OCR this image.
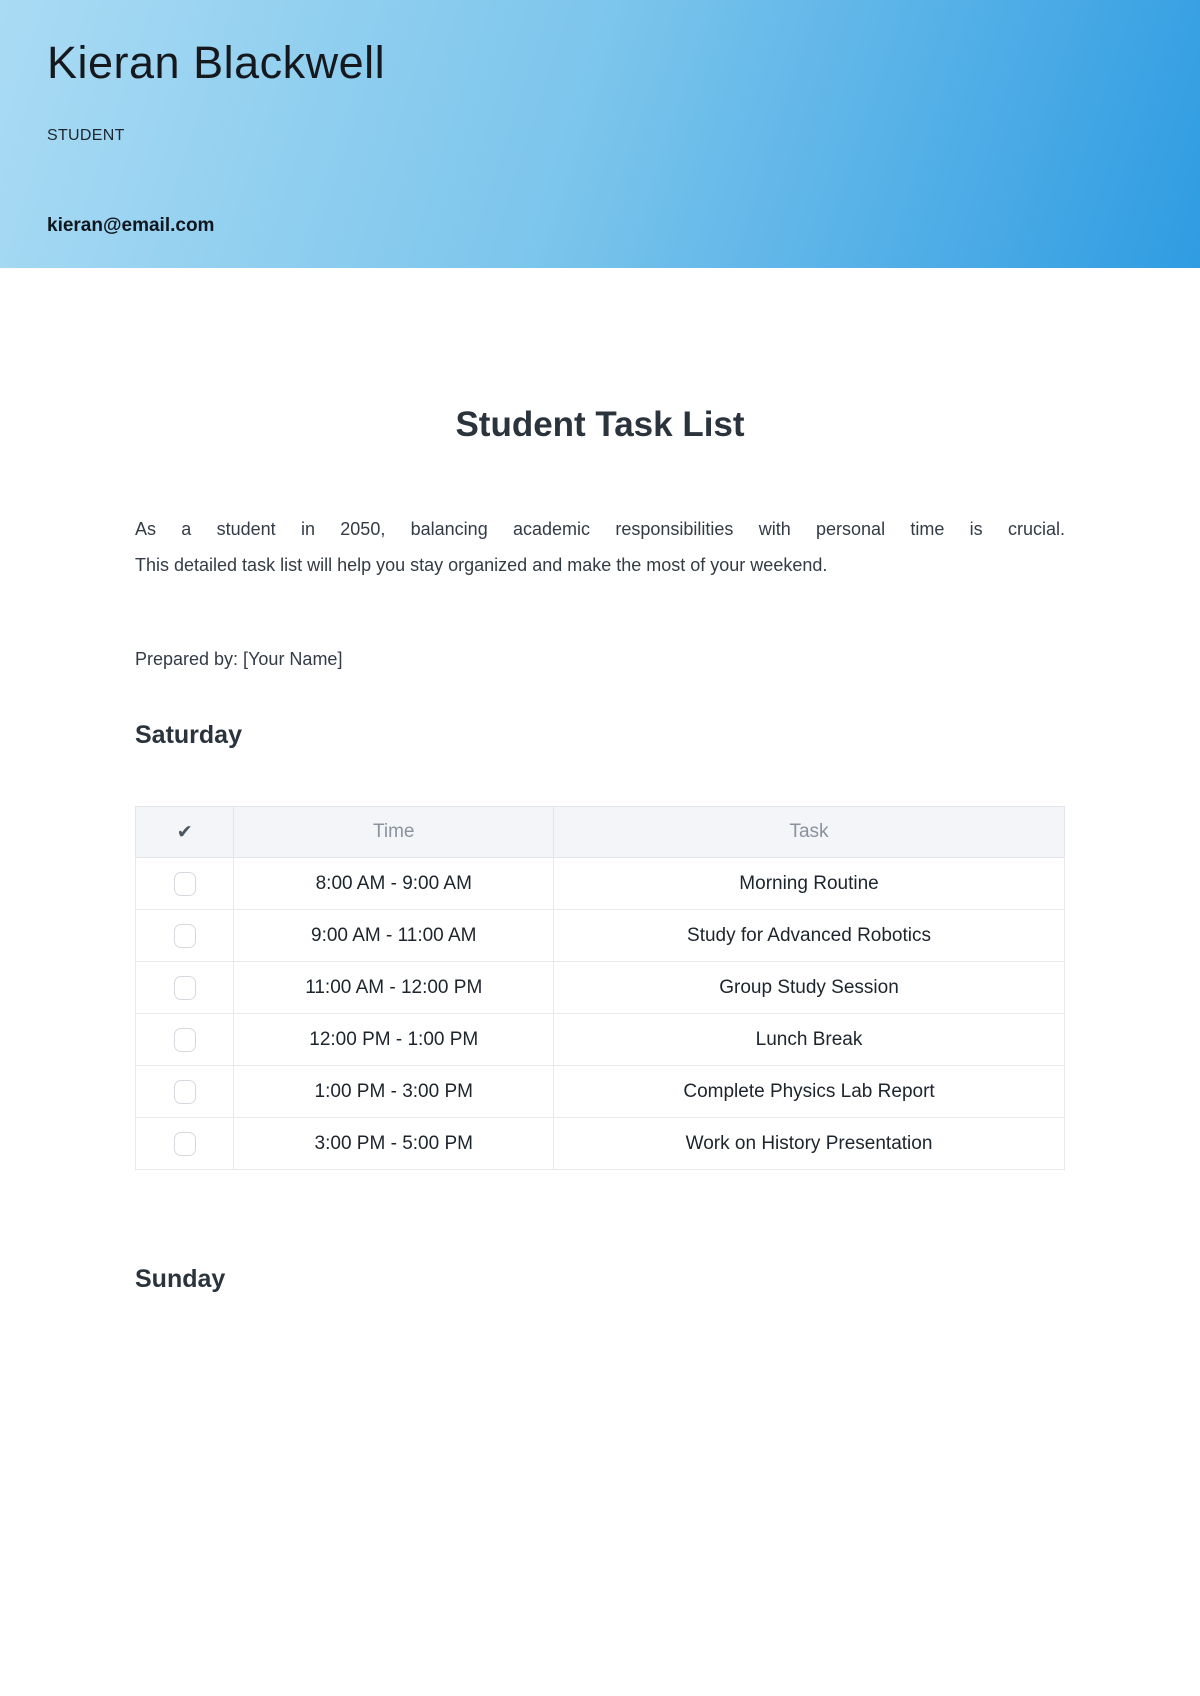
Kieran Blackwell
STUDENT
kieran@email.com
Student Task List
As a student in 2050, balancing academic responsibilities with personal time is crucial.
This detailed task list will help you stay organized and make the most of your weekend.
Prepared by: [Your Name]
Saturday
✔	Time	Task
	8:00 AM - 9:00 AM	Morning Routine
	9:00 AM - 11:00 AM	Study for Advanced Robotics
	11:00 AM - 12:00 PM	Group Study Session
	12:00 PM - 1:00 PM	Lunch Break
	1:00 PM - 3:00 PM	Complete Physics Lab Report
	3:00 PM - 5:00 PM	Work on History Presentation
Sunday
